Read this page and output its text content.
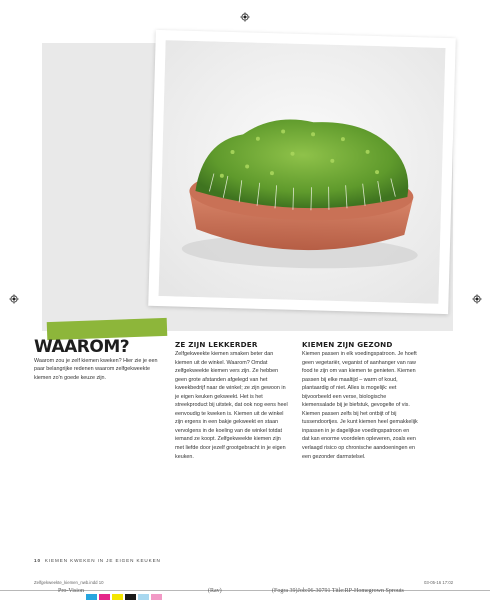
WAAROM?
Waarom zou je zelf kiemen kweken? Hier zie je een paar belangrijke redenen waarom zelfgekweekte kiemen zo'n goede keuze zijn.
ZE ZIJN LEKKERDER
Zelfgekweekte kiemen smaken beter dan kiemen uit de winkel. Waarom? Omdat zelfgekweekte kiemen vers zijn. Ze hebben geen grote afstanden afgelegd van het kweekbedrijf naar de winkel; ze zijn gewoon in je eigen keuken gekweekt. Het is het streekproduct bij uitstek, dat ook nog eens heel eenvoudig te kweken is. Kiemen uit de winkel zijn ergens in een bakje gekweekt en staan vervolgens in de koeling van de winkel totdat iemand ze koopt. Zelfgekweekte kiemen zijn met liefde door jezelf grootgebracht in je eigen keuken.
KIEMEN ZIJN GEZOND
Kiemen passen in elk voedingspatroon. Je hoeft geen vegetariër, veganist of aanhanger van raw food te zijn om van kiemen te genieten. Kiemen passen bij elke maaltijd – warm of koud, plantaardig of niet. Alles is mogelijk: eet bijvoorbeeld een verse, biologische kiemensalade bij je biefstuk, gevogelte of vis. Kiemen passen zelfs bij het ontbijt of bij tussendoortjes. Je kunt kiemen heel gemakkelijk inpassen in je dagelijkse voedingspatroon en dat kan enorme voordelen opleveren, zoals een verlaagd risico op chronische aandoeningen en een gezonder darmstelsel.
10 KIEMEN KWEKEN IN JE EIGEN KEUKEN
Zelfgekweekte_kiemen_nwb.indd 10	03-05-16 17:02
Pro-Vision	(Rav)	(Fogra 39)Job:06-30791 Title:RP-Homegrown Sprouts
